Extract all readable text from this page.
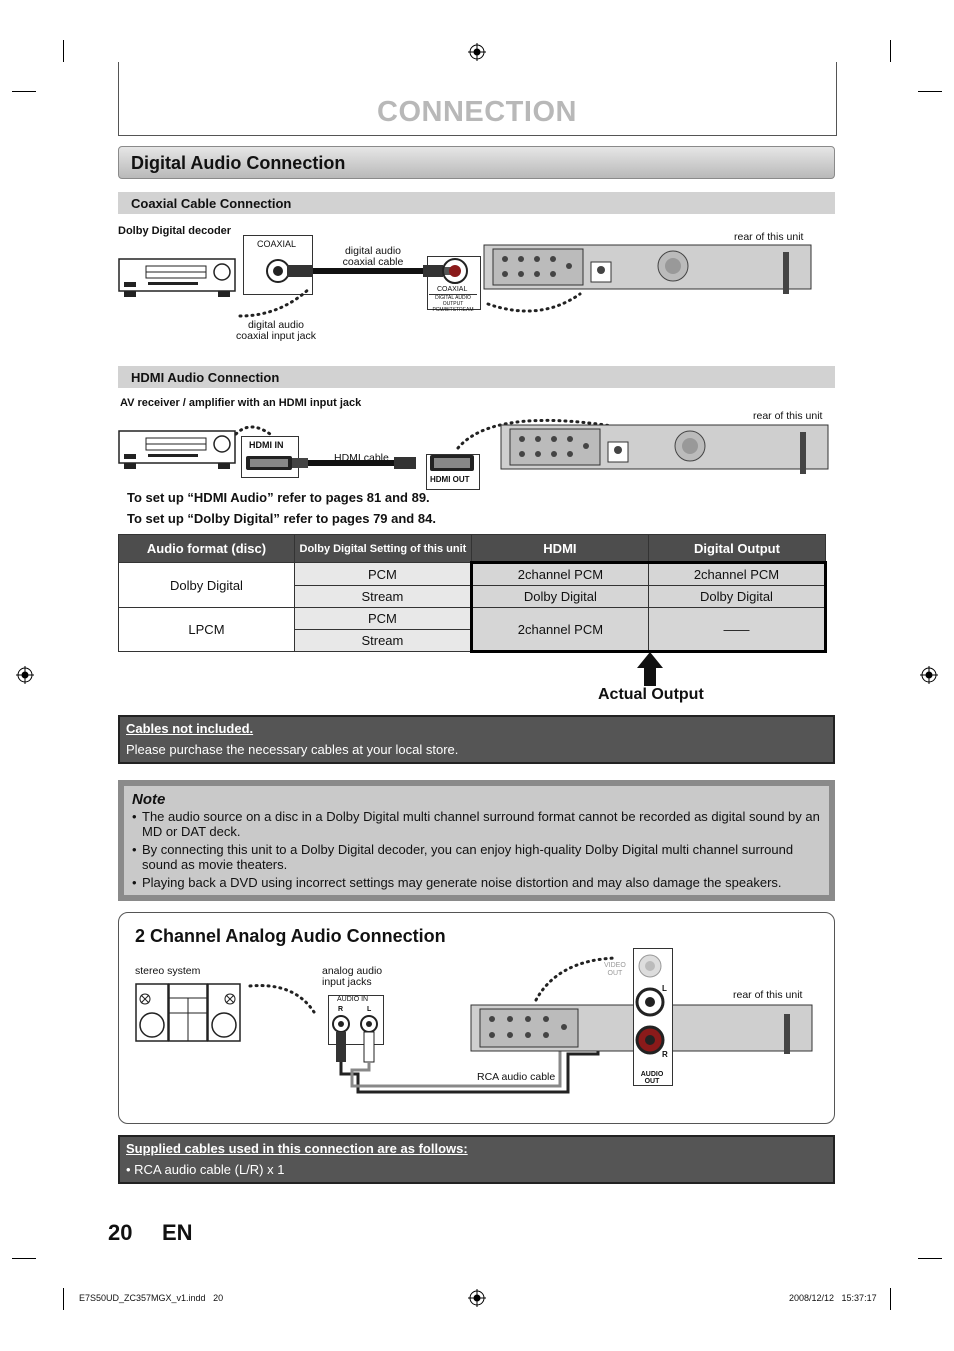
CONNECTION
Digital Audio Connection
Coaxial Cable Connection
Dolby Digital decoder
COAXIAL
digital audio
coaxial cable
COAXIAL
DIGITAL AUDIO OUTPUT PCM/BITSTREAM
digital audio
coaxial input jack
rear of this unit
HDMI Audio Connection
AV receiver / amplifier with an HDMI input jack
HDMI IN
HDMI cable
HDMI OUT
rear of this unit
To set up “HDMI Audio” refer to pages 81 and 89.
To set up “Dolby Digital” refer to pages 79 and 84.
Audio format (disc)	Dolby Digital Setting of this unit	HDMI	Digital Output
Dolby Digital	PCM	2channel PCM	2channel PCM
	Stream	Dolby Digital	Dolby Digital
LPCM	PCM	2channel PCM	——
	Stream		
Actual Output
Cables not included.
Please purchase the necessary cables at your local store.
Note
• The audio source on a disc in a Dolby Digital multi channel surround format cannot be recorded as digital sound by an MD or DAT deck.
• By connecting this unit to a Dolby Digital decoder, you can enjoy high-quality Dolby Digital multi channel surround sound as movie theaters.
• Playing back a DVD using incorrect settings may generate noise distortion and may also damage the speakers.
2 Channel Analog Audio Connection
stereo system	analog audio
input jacks
AUDIO IN
R	L
RCA audio cable
VIDEO
OUT
L
R
AUDIO OUT
rear of this unit
Supplied cables used in this connection are as follows:
• RCA audio cable (L/R) x 1
20 EN
E7S50UD_ZC357MGX_v1.indd   20	2008/12/12   15:37:17
